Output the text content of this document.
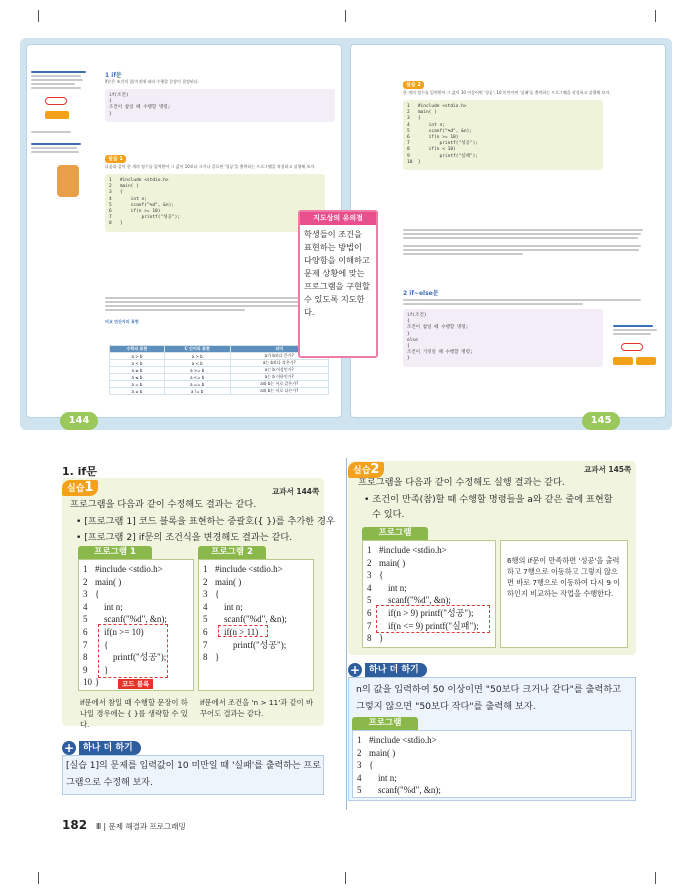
1 if문
if문은 조건의 참/거짓에 따라 수행할 문장이 결정된다.
if(조건)
{
조건이 참일 때 수행할 명령;
}
실습 1
다음과 같이 한 개의 정수를 입력받아 그 값이 10보다 크거나 같으면 '성공'을 출력하는 프로그램을 작성하고 실행해 보자.
1   #include <stdio.h>
2   main( )
3   {
4       int n;
5       scanf("%d", &n);
6       if(n >= 10)
7           printf("성공");
8   }
비교 연산자의 표현
수학의 표현	C 언어의 표현	의미
a > b	a > b	a가 b보다 큰가?
a < b	a < b	a는 b보다 작은가?
a ≥ b	a >= b	a는 b 이상인가?
a ≤ b	a <= b	a는 b 이하인가?
a = b	a == b	a와 b는 서로 같은가?
a ≠ b	a != b	a와 b는 서로 다른가?
실습 2
한 개의 정수를 입력받아 그 값이 10 이상이면 '성공', 10 미만이면 '실패'를 출력하는 프로그램을 작성하고 실행해 보자.
1   #include <stdio.h>
2   main( )
3   {
4       int n;
5       scanf("%d", &n);
6       if(n >= 10)
7           printf("성공");
8       if(n < 10)
9           printf("실패");
10  }
2 if~else문
if(조건)
{
조건이 참일 때 수행할 명령;
}
else
{
조건이 거짓일 때 수행할 명령;
}
144	145
지도상의 유의점
학생들이 조건을 표현하는 방법이 다양함을 이해하고 문제 상황에 맞는 프로그램을 구현할 수 있도록 지도한다.
1. if문
실습1	교과서 144쪽
프로그램을 다음과 같이 수정해도 결과는 같다.
• [프로그램 1] 코드 블록을 표현하는 중괄호({ })를 추가한 경우
• [프로그램 2] if문의 조건식을 변경해도 결과는 같다.
프로그램 1
1 #include <stdio.h>
2 main( )
3 {
4 int n;
5 scanf("%d", &n);
6 if(n >= 10)
7 {
8 printf("성공");
9 }
10 }	코드 블록
if문에서 참일 때 수행할 문장이 하나일 경우에는 { }를 생략할 수 있다.
프로그램 2
1 #include <stdio.h>
2 main( )
3 {
4 int n;
5 scanf("%d", &n);
6 if(n > 11)
7 printf("성공");
8 }
if문에서 조건을 'n > 11'과 같이 바꾸어도 결과는 같다.
+ 하나 더 하기
[실습 1]의 문제를 입력값이 10 미만일 때 '실패'를 출력하는 프로그램으로 수정해 보자.
실습2	교과서 145쪽
프로그램을 다음과 같이 수정해도 실행 결과는 같다.
• 조건이 만족(참)할 때 수행할 명령들을 a와 같은 줄에 표현할
수 있다.
프로그램
1 #include <stdio.h>
2 main( )
3 {
4 int n;
5 scanf("%d", &n);
6 if(n > 9) printf("성공");
7 if(n <= 9) printf("실패");
8 }
6행의 if문이 만족하면 '성공'을 출력하고 7행으로 이동하고 그렇지 않으면 바로 7행으로 이동하여 다시 9 이하인지 비교하는 작업을 수행한다.
+ 하나 더 하기
n의 값을 입력하여 50 이상이면 "50보다 크거나 같다"를 출력하고
그렇지 않으면 "50보다 작다"를 출력해 보자.
프로그램
1 #include <stdio.h>
2 main( )
3 {
4 int n;
5 scanf("%d", &n);
182 Ⅲ | 문제 해결과 프로그래밍
